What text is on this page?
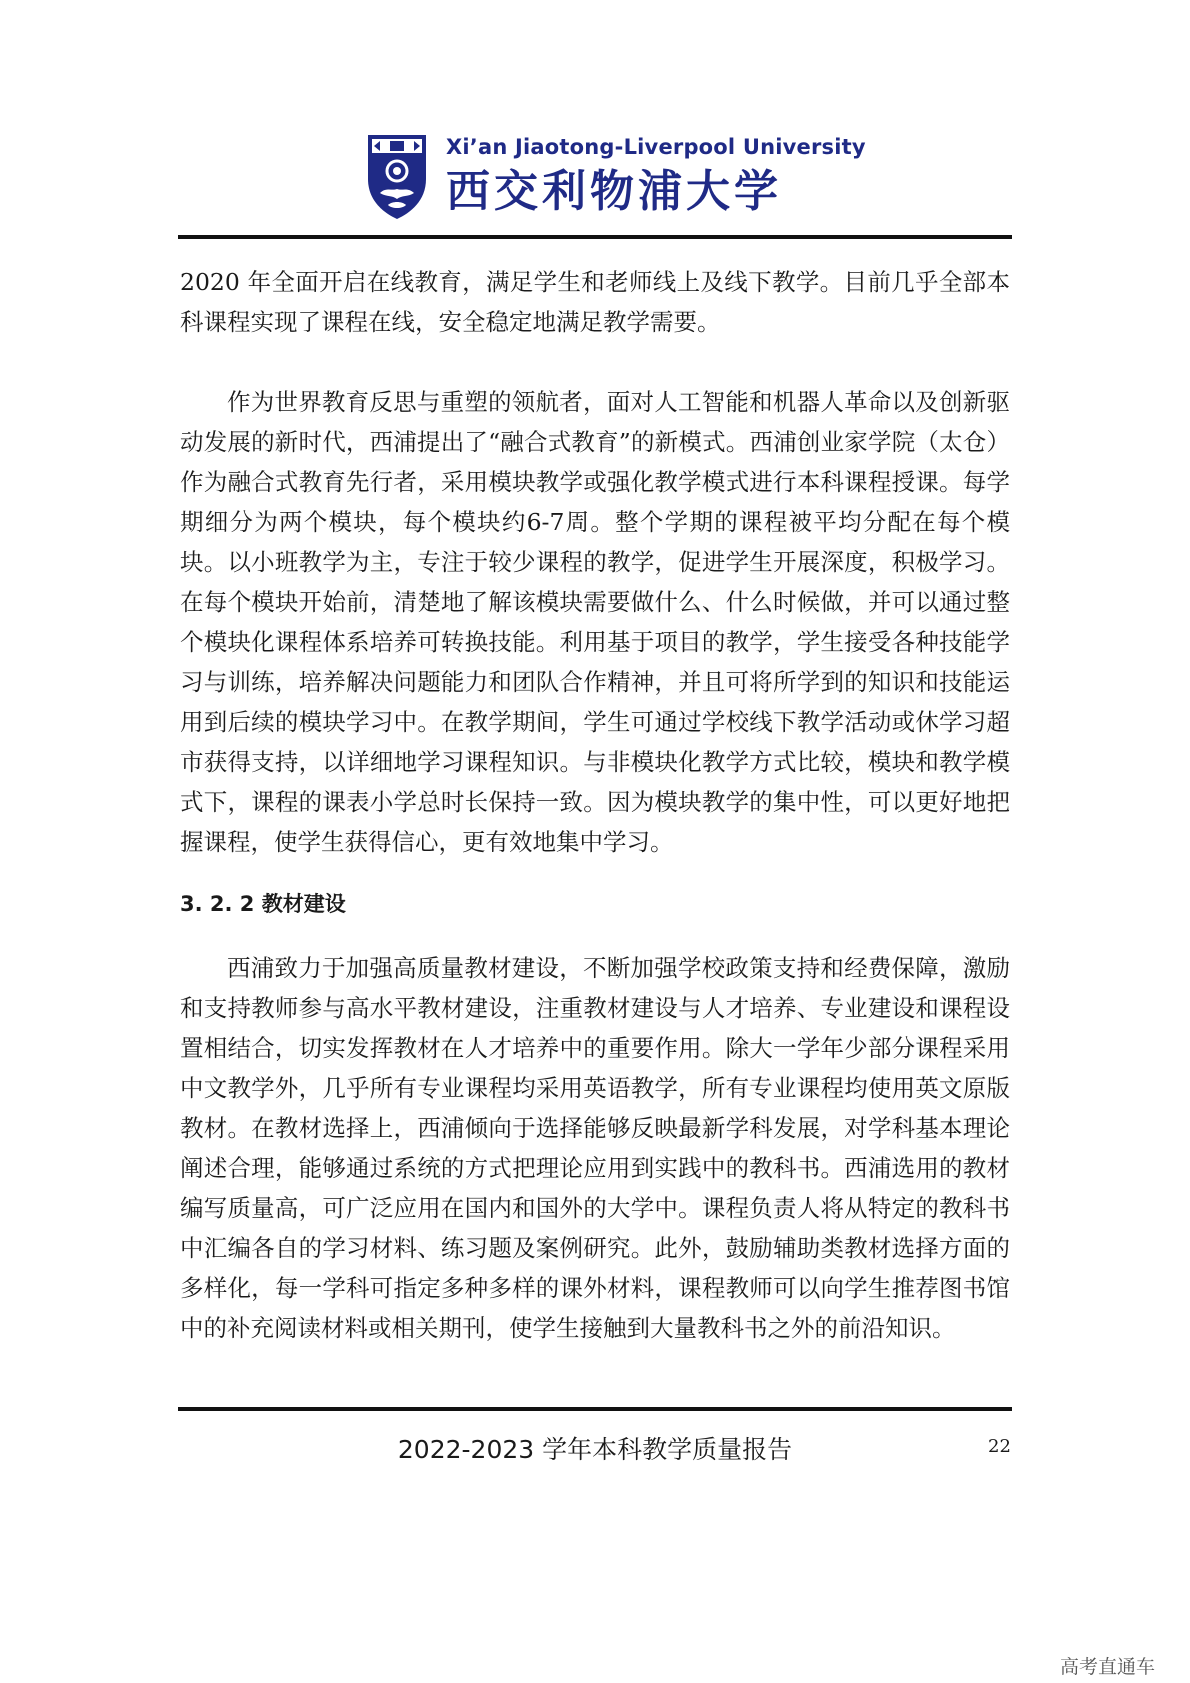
Xi’an Jiaotong-Liverpool University
西交利物浦大学

2020 年全面开启在线教育，满足学生和老师线上及线下教学。目前几乎全部本科课程实现了课程在线，安全稳定地满足教学需要。

作为世界教育反思与重塑的领航者，面对人工智能和机器人革命以及创新驱动发展的新时代，西浦提出了“融合式教育”的新模式。西浦创业家学院（太仓）作为融合式教育先行者，采用模块教学或强化教学模式进行本科课程授课。每学期细分为两个模块，每个模块约6-7周。整个学期的课程被平均分配在每个模块。以小班教学为主，专注于较少课程的教学，促进学生开展深度，积极学习。在每个模块开始前，清楚地了解该模块需要做什么、什么时候做，并可以通过整个模块化课程体系培养可转换技能。利用基于项目的教学，学生接受各种技能学习与训练，培养解决问题能力和团队合作精神，并且可将所学到的知识和技能运用到后续的模块学习中。在教学期间，学生可通过学校线下教学活动或休学习超市获得支持，以详细地学习课程知识。与非模块化教学方式比较，模块和教学模式下，课程的课表小学总时长保持一致。因为模块教学的集中性，可以更好地把握课程，使学生获得信心，更有效地集中学习。

3. 2. 2 教材建设

西浦致力于加强高质量教材建设，不断加强学校政策支持和经费保障，激励和支持教师参与高水平教材建设，注重教材建设与人才培养、专业建设和课程设置相结合，切实发挥教材在人才培养中的重要作用。除大一学年少部分课程采用中文教学外，几乎所有专业课程均采用英语教学，所有专业课程均使用英文原版教材。在教材选择上，西浦倾向于选择能够反映最新学科发展，对学科基本理论阐述合理，能够通过系统的方式把理论应用到实践中的教科书。西浦选用的教材编写质量高，可广泛应用在国内和国外的大学中。课程负责人将从特定的教科书中汇编各自的学习材料、练习题及案例研究。此外，鼓励辅助类教材选择方面的多样化，每一学科可指定多种多样的课外材料，课程教师可以向学生推荐图书馆中的补充阅读材料或相关期刊，使学生接触到大量教科书之外的前沿知识。

2022-2023 学年本科教学质量报告	22
高考直通车
